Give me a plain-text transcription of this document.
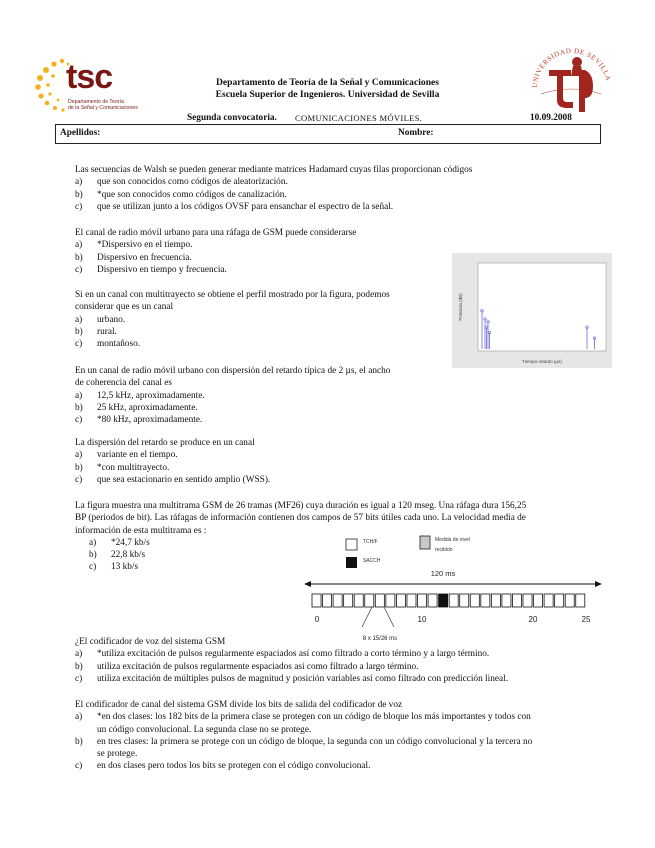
tsc
Departamento de Teoría
de la Señal y Comunicaciones
Departamento de Teoría de la Señal y Comunicaciones
Escuela Superior de Ingenieros. Universidad de Sevilla
UNIVERSIDAD DE SEVILLA
Segunda convocatoria. COMUNICACIONES MÓVILES.	10.09.2008
Apellidos:	Nombre:
Las secuencias de Walsh se pueden generar mediante matrices Hadamard cuyas filas proporcionan códigos
a)	que son conocidos como códigos de aleatorización.
b)	*que son conocidos como códigos de canalización.
c)	que se utilizan junto a los códigos OVSF para ensanchar el espectro de la señal.
El canal de radio móvil urbano para una ráfaga de GSM puede considerarse
a)	*Dispersivo en el tiempo.
b)	Dispersivo en frecuencia.
c)	Dispersivo en tiempo y frecuencia.
Si en un canal con multitrayecto se obtiene el perfil mostrado por la figura, podemos
considerar que es un canal
a)	urbano.
b)	rural.
c)	montañoso.
En un canal de radio móvil urbano con dispersión del retardo típica de 2 µs, el ancho
de coherencia del canal es
a)	12,5 kHz, aproximadamente.
b)	25 kHz, aproximadamente.
c)	*80 kHz, aproximadamente.
La dispersión del retardo se produce en un canal
a)	variante en el tiempo.
b)	*con multitrayecto.
c)	que sea estacionario en sentido amplio (WSS).
Tiempo retardo (µs)
Potencia (dB)
La figura muestra una multitrama GSM de 26 tramas (MF26) cuya duración es igual a 120 mseg. Una ráfaga dura 156,25
BP (periodos de bit). Las ráfagas de información contienen dos campos de 57 bits útiles cada uno. La velocidad media de
información de esta multitrama es :
a)	*24,7 kb/s
b)	22,8 kb/s
c)	13 kb/s
TCH/F
SACCH
Medida de nivel
recibido
120 ms
0	10	20	25
8 x 15/26 ms
¿El codificador de voz del sistema GSM
a)	*utiliza excitación de pulsos regularmente espaciados así como filtrado a corto término y a largo término.
b)	utiliza excitación de pulsos regularmente espaciados así como filtrado a largo término.
c)	utiliza excitación de múltiples pulsos de magnitud y posición variables así como filtrado con predicción lineal.
El codificador de canal del sistema GSM divide los bits de salida del codificador de voz
a)	*en dos clases: los 182 bits de la primera clase se protegen con un código de bloque los más importantes y todos con
un código convolucional. La segunda clase no se protege.
b)	en tres clases: la primera se protege con un código de bloque, la segunda con un código convolucional y la tercera no
se protege.
c)	en dos clases pero todos los bits se protegen con el código convolucional.
